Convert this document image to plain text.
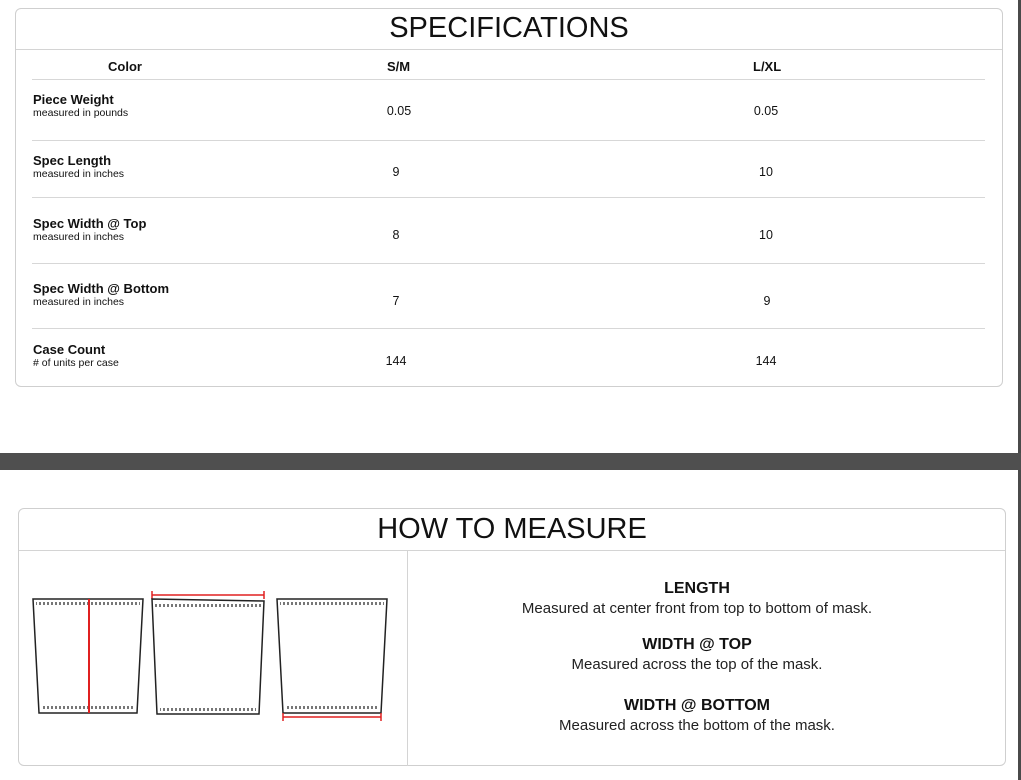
SPECIFICATIONS
Color	S/M	L/XL
Piece Weight
measured in pounds	0.05	0.05
Spec Length
measured in inches	9	10
Spec Width @ Top
measured in inches	8	10
Spec Width @ Bottom
measured in inches	7	9
Case Count
# of units per case	144	144
HOW TO MEASURE
LENGTH
Measured at center front from top to bottom of mask.
WIDTH @ TOP
Measured across the top of the mask.
WIDTH @ BOTTOM
Measured across the bottom of the mask.
